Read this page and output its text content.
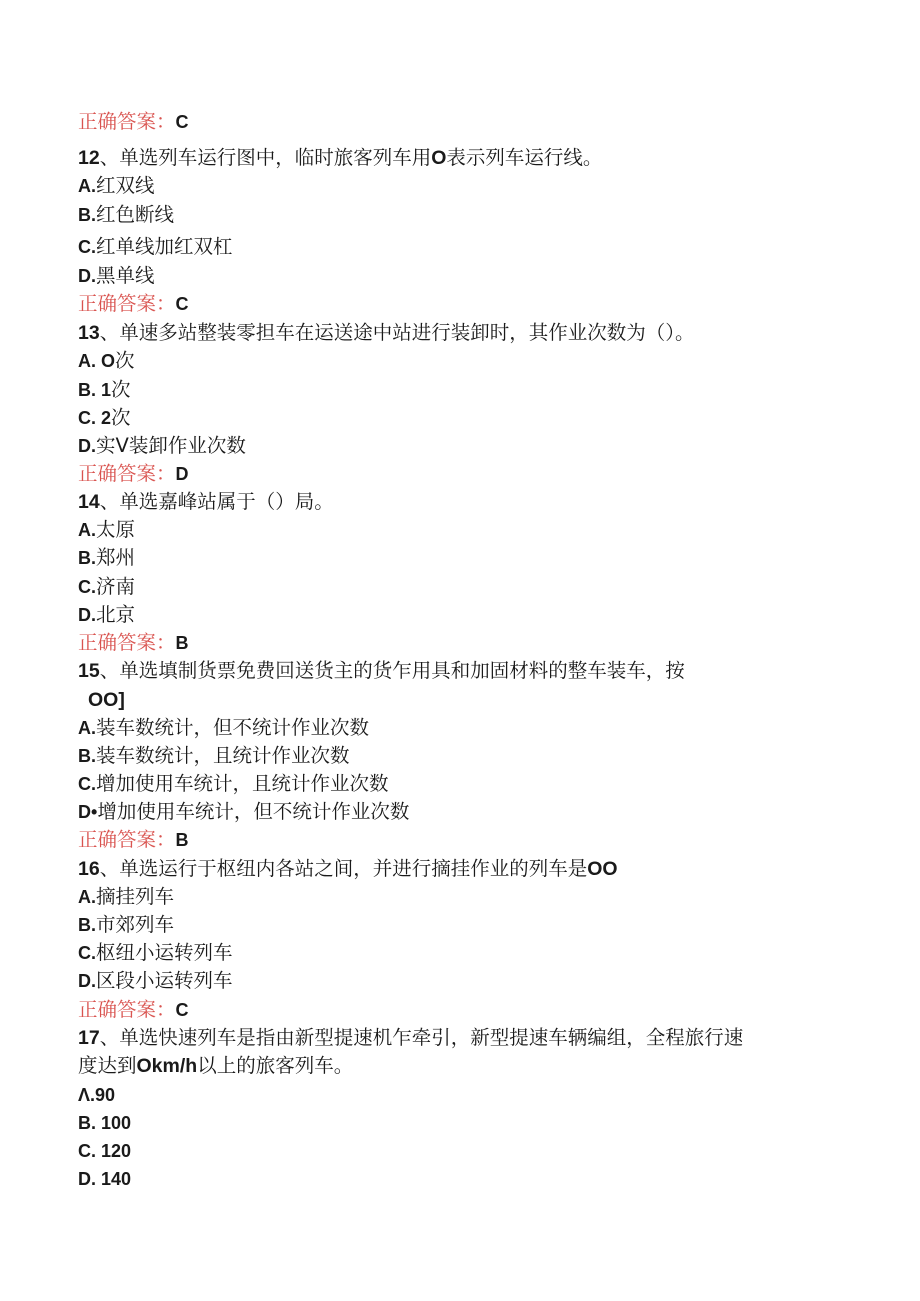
正确答案：C
12、单选列车运行图中，临时旅客列车用O表示列车运行线。
A.红双线
B.红色断线
C.红单线加红双杠
D.黑单线
正确答案：C
13、单速多站整装零担车在运送途中站进行装卸时，其作业次数为（）。
A. O次
B. 1次
C. 2次
D.实V装卸作业次数
正确答案：D
14、单选嘉峰站属于（）局。
A.太原
B.郑州
C.济南
D.北京
正确答案：B
15、单选填制货票免费回送货主的货乍用具和加固材料的整车装车，按
OO]
A.装车数统计，但不统计作业次数
B.装车数统计，且统计作业次数
C.增加使用车统计，且统计作业次数
D•增加使用车统计，但不统计作业次数
正确答案：B
16、单选运行于枢纽内各站之间，并进行摘挂作业的列车是OO
A.摘挂列车
B.市郊列车
C.枢纽小运转列车
D.区段小运转列车
正确答案：C
17、单选快速列车是指由新型提速机乍牵引，新型提速车辆编组，全程旅行速
度达到Okm/h以上的旅客列车。
Λ.90
B. 100
C. 120
D. 140
